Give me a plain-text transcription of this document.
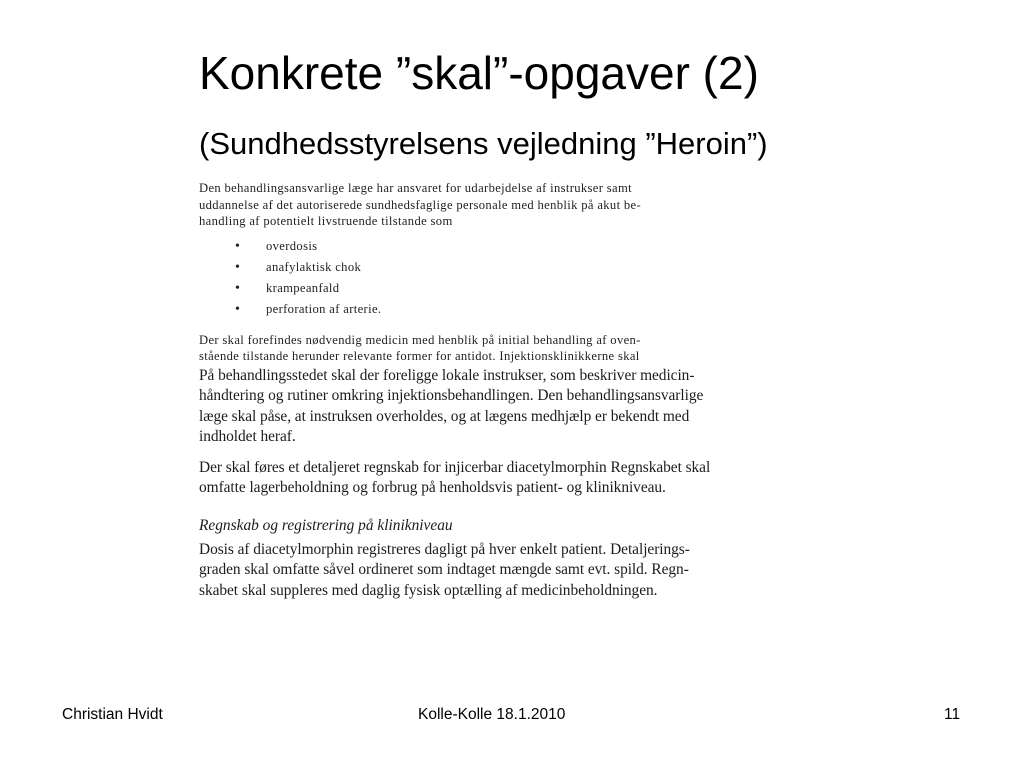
Konkrete ”skal”-opgaver (2)
(Sundhedsstyrelsens vejledning ”Heroin”)

Den behandlingsansvarlige læge har ansvaret for udarbejdelse af instrukser samt
uddannelse af det autoriserede sundhedsfaglige personale med henblik på akut be-
handling af potentielt livstruende tilstande som

• overdosis
• anafylaktisk chok
• krampeanfald
• perforation af arterie.

Der skal forefindes nødvendig medicin med henblik på initial behandling af oven-
stående tilstande herunder relevante former for antidot. Injektionsklinikkerne skal

På behandlingsstedet skal der foreligge lokale instrukser, som beskriver medicin-
håndtering og rutiner omkring injektionsbehandlingen. Den behandlingsansvarlige
læge skal påse, at instruksen overholdes, og at lægens medhjælp er bekendt med
indholdet heraf.

Der skal føres et detaljeret regnskab for injicerbar diacetylmorphin Regnskabet skal
omfatte lagerbeholdning og forbrug på henholdsvis patient- og klinikniveau.

Regnskab og registrering på klinikniveau

Dosis af diacetylmorphin registreres dagligt på hver enkelt patient. Detaljerings-
graden skal omfatte såvel ordineret som indtaget mængde samt evt. spild. Regn-
skabet skal suppleres med daglig fysisk optælling af medicinbeholdningen.

Christian Hvidt	Kolle-Kolle 18.1.2010	11
